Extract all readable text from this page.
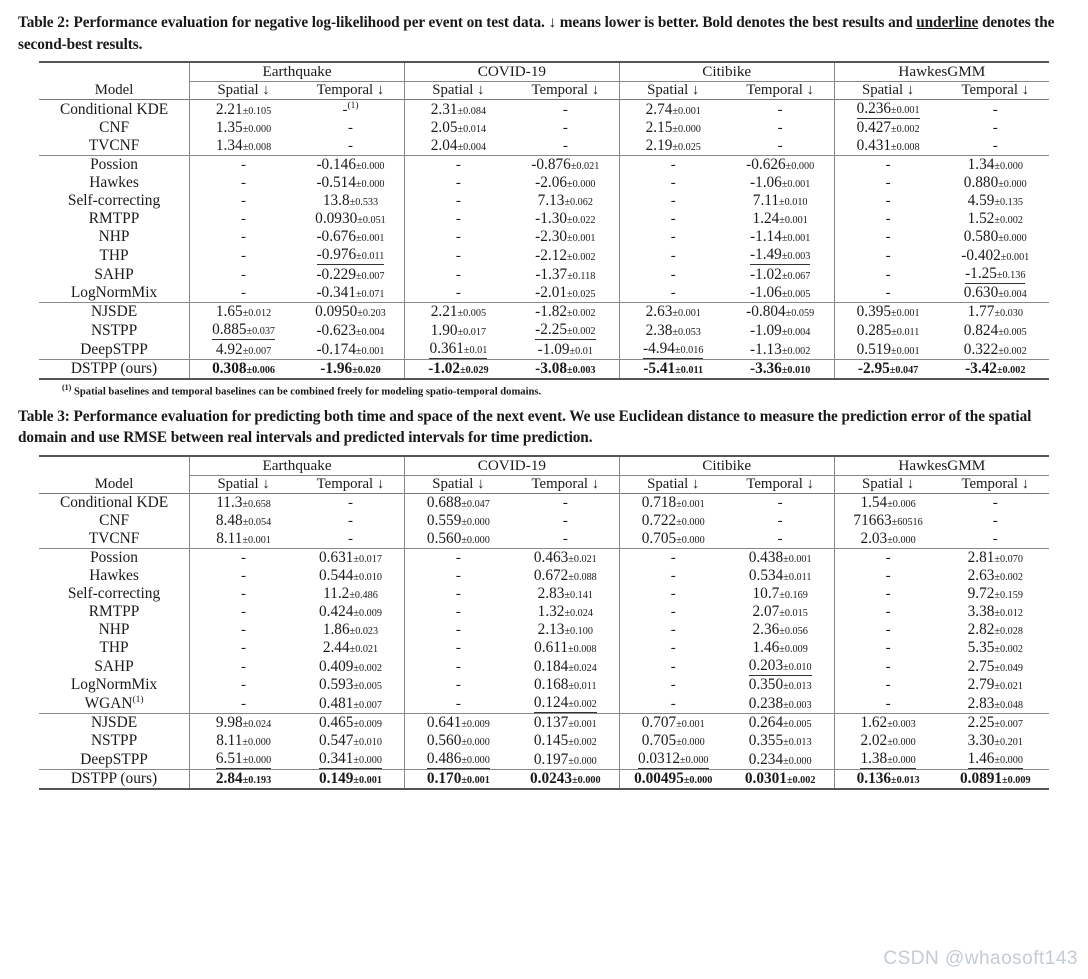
Table 2: Performance evaluation for negative log-likelihood per event on test data. ↓ means lower is better. Bold denotes the best results and underline denotes the second-best results.
	Earthquake		COVID-19		Citibike		HawkesGMM	
Model	Spatial ↓	Temporal ↓	Spatial ↓	Temporal ↓	Spatial ↓	Temporal ↓	Spatial ↓	Temporal ↓
Conditional KDE	2.21±0.105	-$^{(1)}$	2.31±0.084	-	2.74±0.001	-	0.236±0.001	-
CNF	1.35±0.000	-	2.05±0.014	-	2.15±0.000	-	0.427±0.002	-
TVCNF	1.34±0.008	-	2.04±0.004	-	2.19±0.025	-	0.431±0.008	-
Possion	-	-0.146±0.000	-	-0.876±0.021	-	-0.626±0.000	-	1.34±0.000
Hawkes	-	-0.514±0.000	-	-2.06±0.000	-	-1.06±0.001	-	0.880±0.000
Self-correcting	-	13.8±0.533	-	7.13±0.062	-	7.11±0.010	-	4.59±0.135
RMTPP	-	0.0930±0.051	-	-1.30±0.022	-	1.24±0.001	-	1.52±0.002
NHP	-	-0.676±0.001	-	-2.30±0.001	-	-1.14±0.001	-	0.580±0.000
THP	-	-0.976±0.011	-	-2.12±0.002	-	-1.49±0.003	-	-0.402±0.001
SAHP	-	-0.229±0.007	-	-1.37±0.118	-	-1.02±0.067	-	-1.25±0.136
LogNormMix	-	-0.341±0.071	-	-2.01±0.025	-	-1.06±0.005	-	0.630±0.004
NJSDE	1.65±0.012	0.0950±0.203	2.21±0.005	-1.82±0.002	2.63±0.001	-0.804±0.059	0.395±0.001	1.77±0.030
NSTPP	0.885±0.037	-0.623±0.004	1.90±0.017	-2.25±0.002	2.38±0.053	-1.09±0.004	0.285±0.011	0.824±0.005
DeepSTPP	4.92±0.007	-0.174±0.001	0.361±0.01	-1.09±0.01	-4.94±0.016	-1.13±0.002	0.519±0.001	0.322±0.002
DSTPP (ours)	0.308±0.006	-1.96±0.020	-1.02±0.029	-3.08±0.003	-5.41±0.011	-3.36±0.010	-2.95±0.047	-3.42±0.002
$^{(1)}$ Spatial baselines and temporal baselines can be combined freely for modeling spatio-temporal domains.
Table 3: Performance evaluation for predicting both time and space of the next event. We use Euclidean distance to measure the prediction error of the spatial domain and use RMSE between real intervals and predicted intervals for time prediction.
	Earthquake		COVID-19		Citibike		HawkesGMM	
Model	Spatial ↓	Temporal ↓	Spatial ↓	Temporal ↓	Spatial ↓	Temporal ↓	Spatial ↓	Temporal ↓
Conditional KDE	11.3±0.658	-	0.688±0.047	-	0.718±0.001	-	1.54±0.006	-
CNF	8.48±0.054	-	0.559±0.000	-	0.722±0.000	-	71663±60516	-
TVCNF	8.11±0.001	-	0.560±0.000	-	0.705±0.000	-	2.03±0.000	-
Possion	-	0.631±0.017	-	0.463±0.021	-	0.438±0.001	-	2.81±0.070
Hawkes	-	0.544±0.010	-	0.672±0.088	-	0.534±0.011	-	2.63±0.002
Self-correcting	-	11.2±0.486	-	2.83±0.141	-	10.7±0.169	-	9.72±0.159
RMTPP	-	0.424±0.009	-	1.32±0.024	-	2.07±0.015	-	3.38±0.012
NHP	-	1.86±0.023	-	2.13±0.100	-	2.36±0.056	-	2.82±0.028
THP	-	2.44±0.021	-	0.611±0.008	-	1.46±0.009	-	5.35±0.002
SAHP	-	0.409±0.002	-	0.184±0.024	-	0.203±0.010	-	2.75±0.049
LogNormMix	-	0.593±0.005	-	0.168±0.011	-	0.350±0.013	-	2.79±0.021
WGAN$^{(1)}$	-	0.481±0.007	-	0.124±0.002	-	0.238±0.003	-	2.83±0.048
NJSDE	9.98±0.024	0.465±0.009	0.641±0.009	0.137±0.001	0.707±0.001	0.264±0.005	1.62±0.003	2.25±0.007
NSTPP	8.11±0.000	0.547±0.010	0.560±0.000	0.145±0.002	0.705±0.000	0.355±0.013	2.02±0.000	3.30±0.201
DeepSTPP	6.51±0.000	0.341±0.000	0.486±0.000	0.197±0.000	0.0312±0.000	0.234±0.000	1.38±0.000	1.46±0.000
DSTPP (ours)	2.84±0.193	0.149±0.001	0.170±0.001	0.0243±0.000	0.00495±0.000	0.0301±0.002	0.136±0.013	0.0891±0.009
CSDN @whaosoft143
